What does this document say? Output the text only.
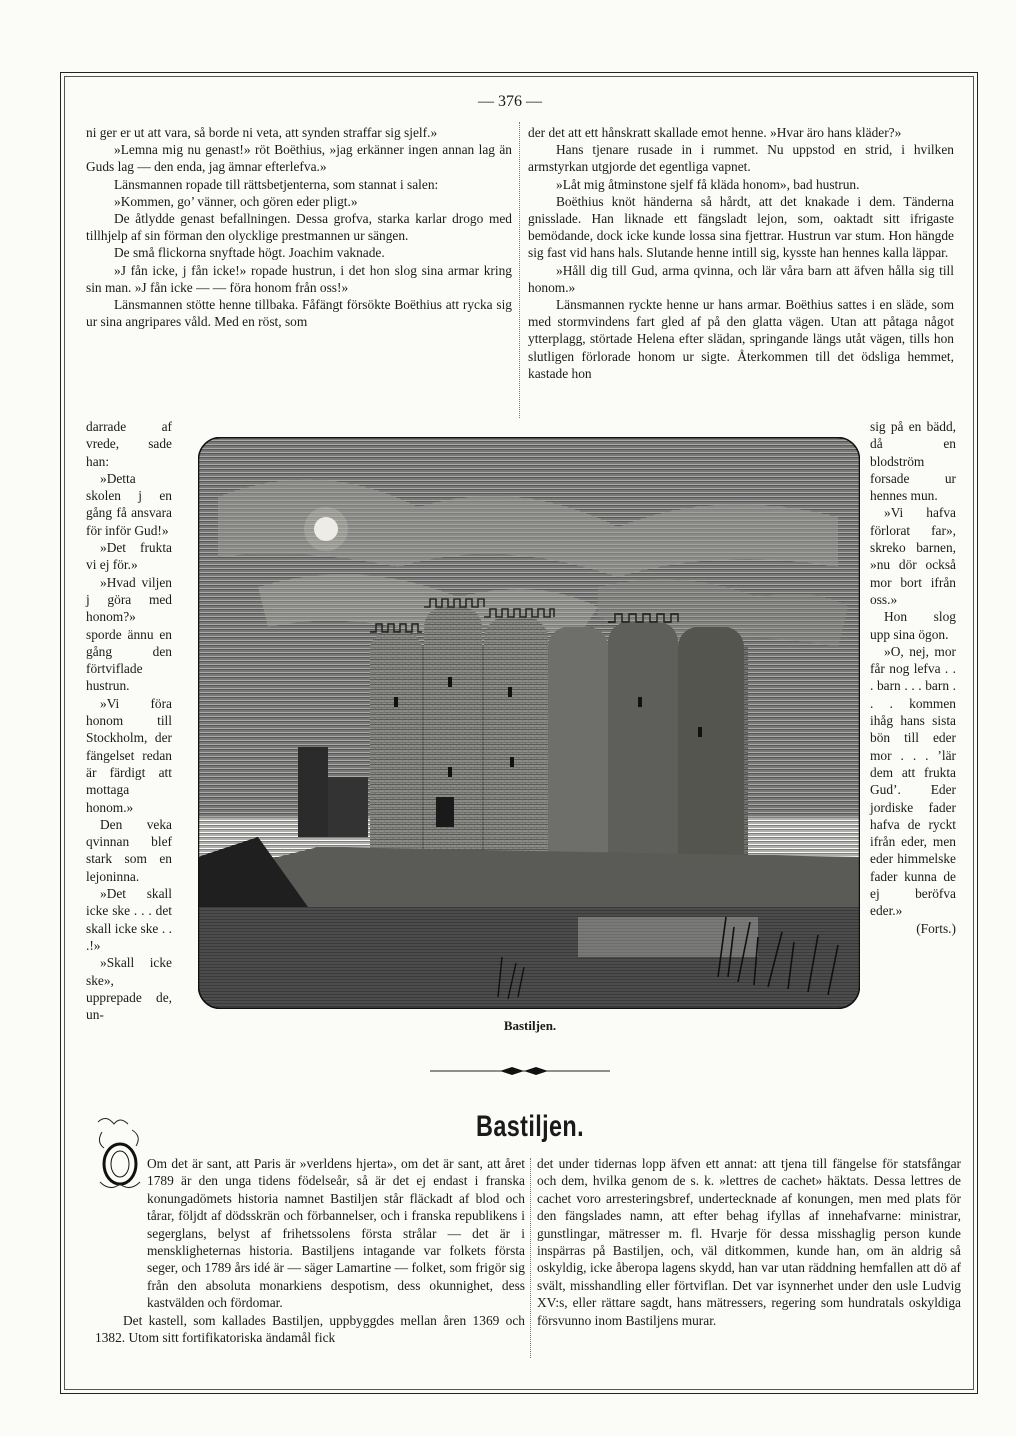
— 376 —

ni ger er ut att vara, så borde ni veta, att synden straffar sig sjelf.»

»Lemna mig nu genast!» röt Boëthius, »jag erkänner ingen annan lag än Guds lag — den enda, jag ämnar efterlefva.»

Länsmannen ropade till rättsbetjenterna, som stannat i salen:

»Kommen, go’ vänner, och gören eder pligt.»

De åtlydde genast befallningen. Dessa grofva, starka karlar drogo med tillhjelp af sin förman den olycklige prestmannen ur sängen.

De små flickorna snyftade högt. Joachim vaknade.

»J fån icke, j fån icke!» ropade hustrun, i det hon slog sina armar kring sin man. »J fån icke — — föra honom från oss!»

Länsmannen stötte henne tillbaka. Fåfängt försökte Boëthius att rycka sig ur sina angripares våld. Med en röst, som

der det att ett hånskratt skallade emot henne. »Hvar äro hans kläder?»

Hans tjenare rusade in i rummet. Nu uppstod en strid, i hvilken armstyrkan utgjorde det egentliga vapnet.

»Låt mig åtminstone sjelf få kläda honom», bad hustrun.

Boëthius knöt händerna så hårdt, att det knakade i dem. Tänderna gnisslade. Han liknade ett fängsladt lejon, som, oaktadt sitt ifrigaste bemödande, dock icke kunde lossa sina fjettrar. Hustrun var stum. Hon hängde sig fast vid hans hals. Slutande henne intill sig, kysste han hennes kalla läppar.

»Håll dig till Gud, arma qvinna, och lär våra barn att äfven hålla sig till honom.»

Länsmannen ryckte henne ur hans armar. Boëthius sattes i en släde, som med stormvindens fart gled af på den glatta vägen. Utan att påtaga något ytterplagg, störtade Helena efter slädan, springande längs utåt vägen, tills hon slutligen förlorade honom ur sigte. Återkommen till det ödsliga hemmet, kastade hon

darrade af vrede, sade han:

»Detta skolen j en gång få ansvara för inför Gud!»

»Det frukta vi ej för.»

»Hvad viljen j göra med honom?» sporde ännu en gång den förtviflade hustrun.

»Vi föra honom till Stockholm, der fängelset redan är färdigt att mottaga honom.»

Den veka qvinnan blef stark som en lejoninna.

»Det skall icke ske . . . det skall icke ske . . .!»

»Skall icke ske», upprepade de, un-

sig på en bädd, då en blodström forsade ur hennes mun.

»Vi hafva förlorat far», skreko barnen, »nu dör också mor bort ifrån oss.»

Hon slog upp sina ögon.

»O, nej, mor får nog lefva . . . barn . . . barn . . . kommen ihåg hans sista bön till eder mor . . . ’lär dem att frukta Gud’. Eder jordiske fader hafva de ryckt ifrån eder, men eder himmelske fader kunna de ej beröfva eder.»

(Forts.)

Bastiljen.
Bastiljen.

Om det är sant, att Paris är »verldens hjerta», om det är sant, att året 1789 är den unga tidens födelseår, så är det ej endast i franska konungadömets historia namnet Bastiljen står fläckadt af blod och tårar, följdt af dödsskrän och förbannelser, och i franska republikens i segerglans, belyst af frihetssolens första strålar — det är i menskligheternas historia. Bastiljens intagande var folkets första seger, och 1789 års idé är — säger Lamartine — folket, som frigör sig från den absoluta monarkiens despotism, dess okunnighet, dess kastväldеn och fördomar.

Det kastell, som kallades Bastiljen, uppbyggdes mellan åren 1369 och 1382. Utom sitt fortifikatoriska ändamål fick

det under tidernas lopp äfven ett annat: att tjena till fängelse för statsfångar och dem, hvilka genom de s. k. »lettres de cachet» häktats. Dessa lettres de cachet voro arresteringsbref, undertecknade af konungen, men med plats för den fängslades namn, att efter behag ifyllas af innehafvarne: ministrar, gunstlingar, mätresser m. fl. Hvarje för dessa misshaglig person kunde inspärras på Bastiljen, och, väl ditkommen, kunde han, om än aldrig så oskyldig, icke åberopa lagens skydd, han var utan räddning hemfallen att dö af svält, misshandling eller förtviflan. Det var isynnerhet under den usle Ludvig XV:s, eller rättare sagdt, hans mätressers, regering som hundratals oskyldiga försvunno inom Bastiljens murar.
